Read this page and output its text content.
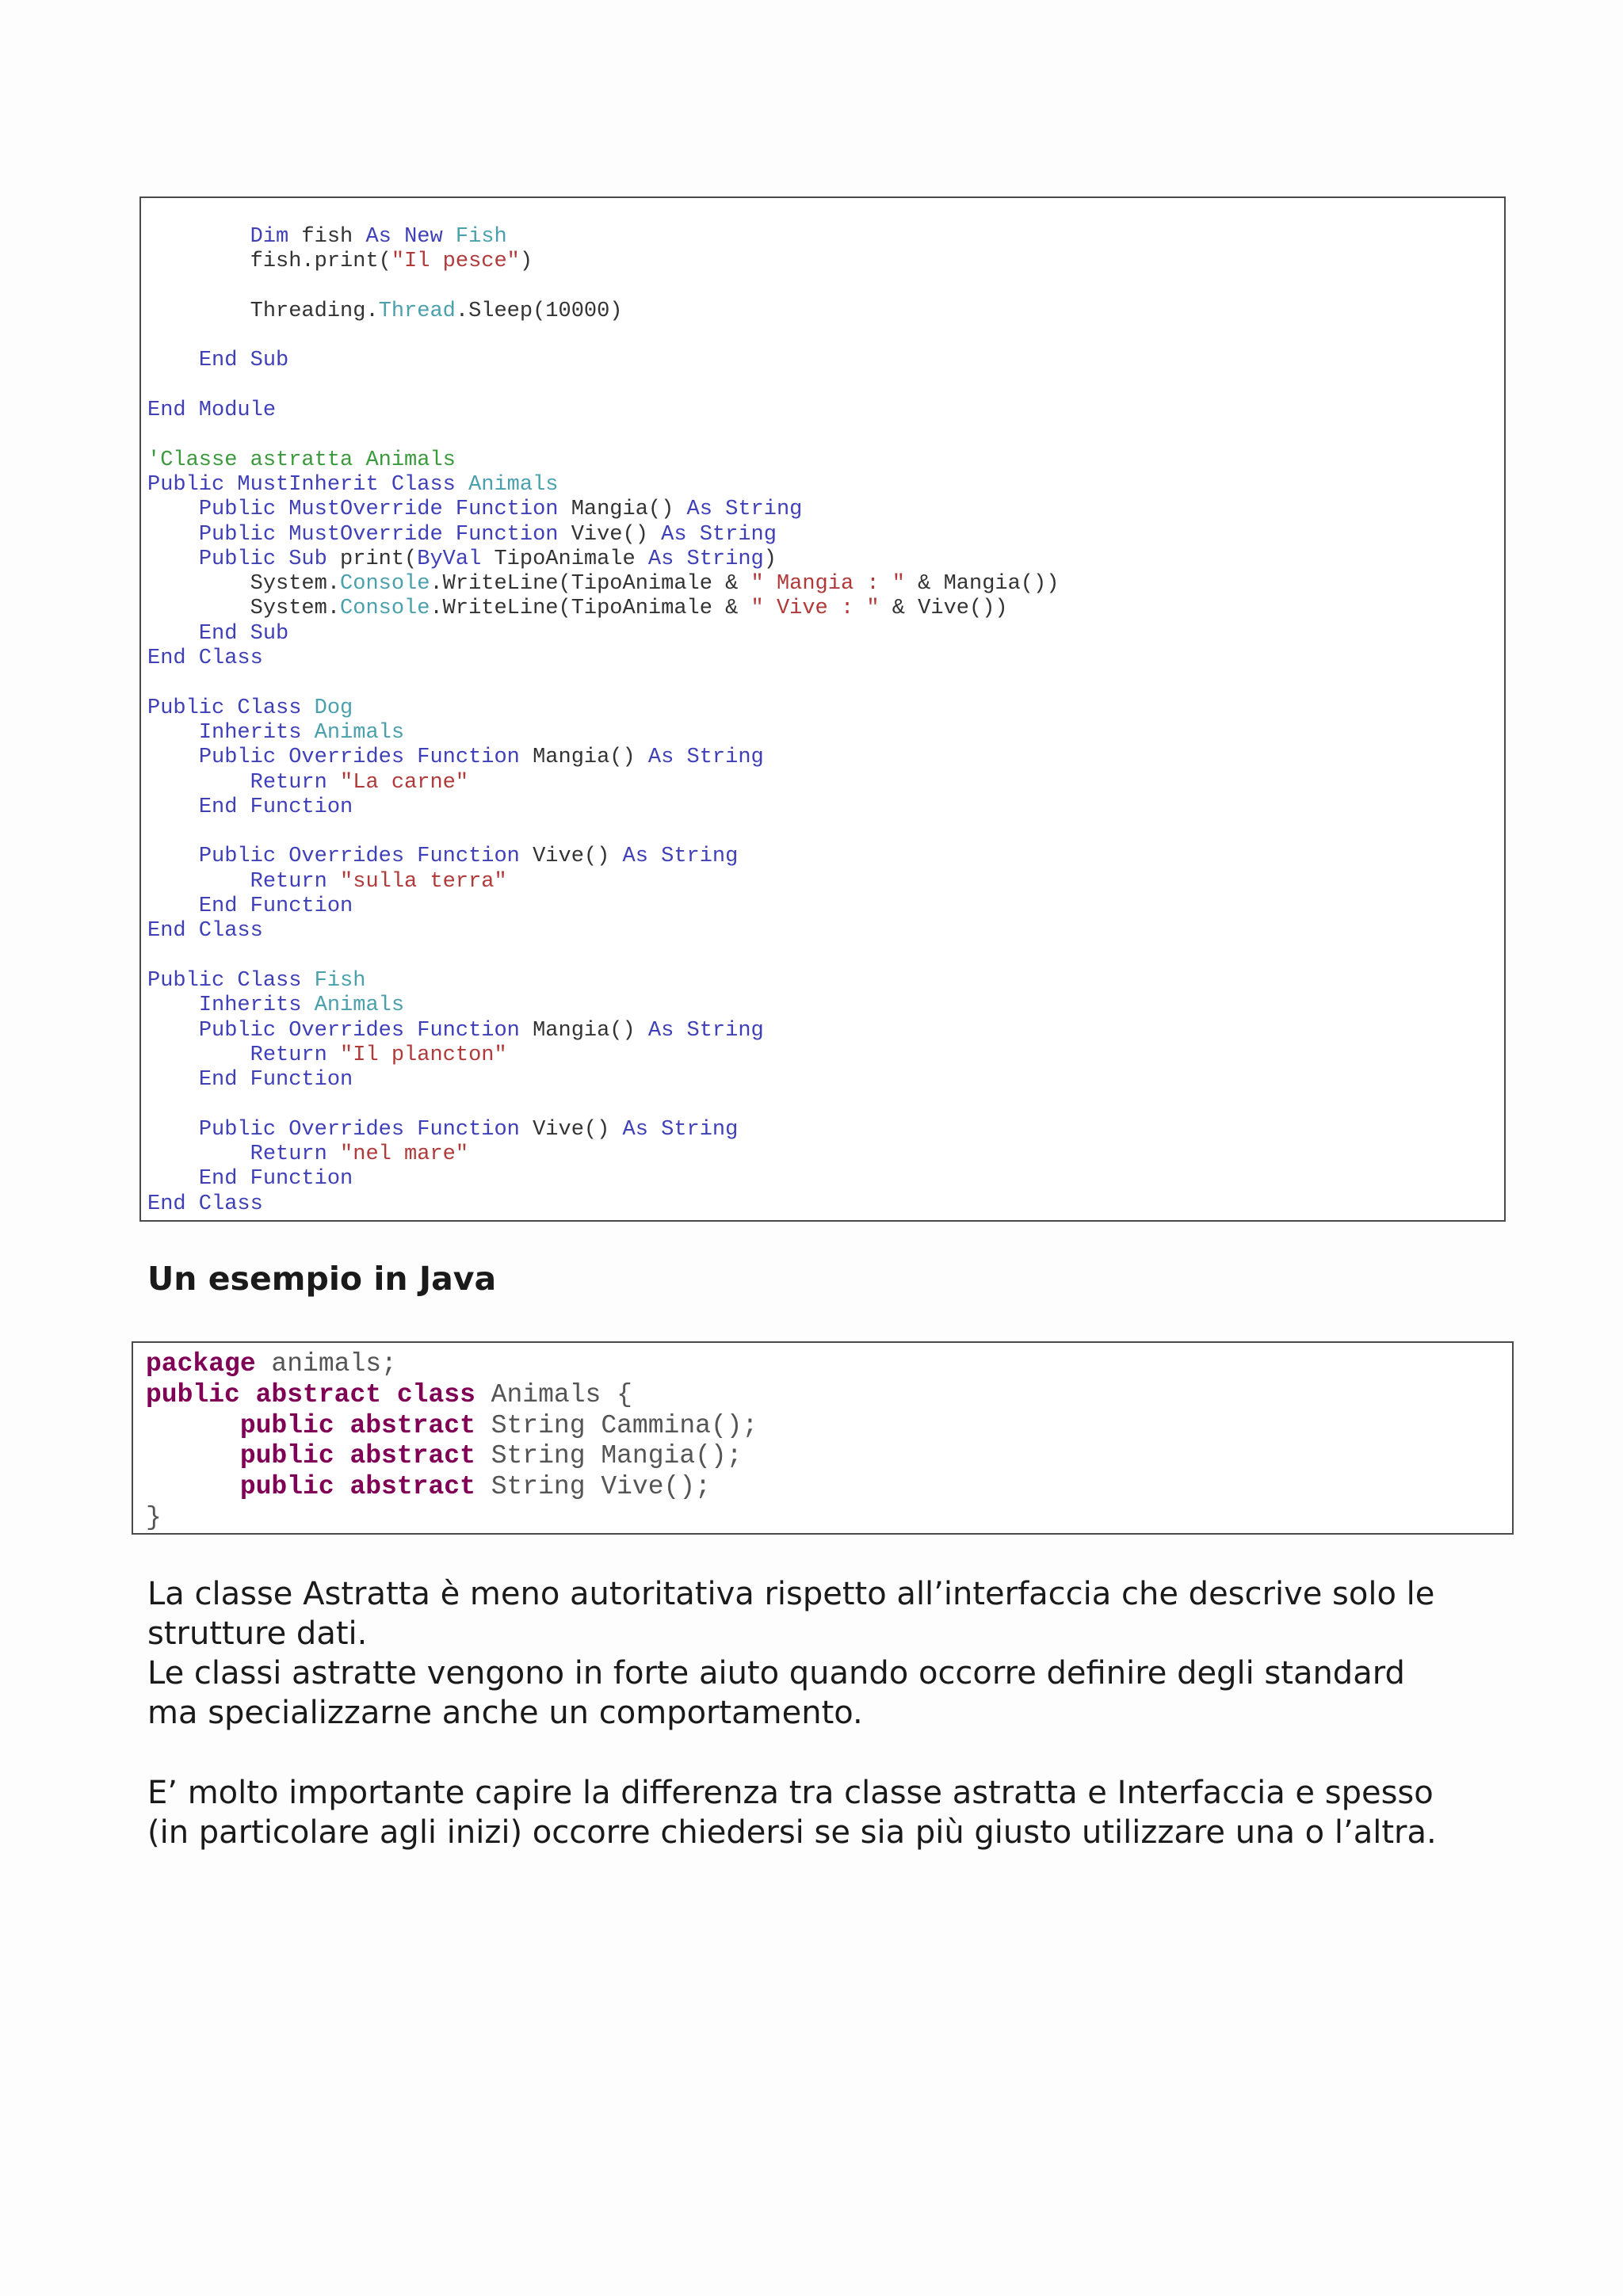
Dim fish As New Fish
fish.print("Il pesce")
Threading.Thread.Sleep(10000)
End Sub
End Module
'Classe astratta Animals
Public MustInherit Class Animals
Public MustOverride Function Mangia() As String
Public MustOverride Function Vive() As String
Public Sub print(ByVal TipoAnimale As String)
System.Console.WriteLine(TipoAnimale & " Mangia : " & Mangia())
System.Console.WriteLine(TipoAnimale & " Vive : " & Vive())
End Sub
End Class
Public Class Dog
Inherits Animals
Public Overrides Function Mangia() As String
Return "La carne"
End Function
Public Overrides Function Vive() As String
Return "sulla terra"
End Function
End Class
Public Class Fish
Inherits Animals
Public Overrides Function Mangia() As String
Return "Il plancton"
End Function
Public Overrides Function Vive() As String
Return "nel mare"
End Function
End Class
Un esempio in Java
package animals;
public abstract class Animals {
public abstract String Cammina();
public abstract String Mangia();
public abstract String Vive();
}
La classe Astratta è meno autoritativa rispetto all’interfaccia che descrive solo le
strutture dati.
Le classi astratte vengono in forte aiuto quando occorre definire degli standard
ma specializzarne anche un comportamento.
E’ molto importante capire la differenza tra classe astratta e Interfaccia e spesso
(in particolare agli inizi) occorre chiedersi se sia più giusto utilizzare una o l’altra.
